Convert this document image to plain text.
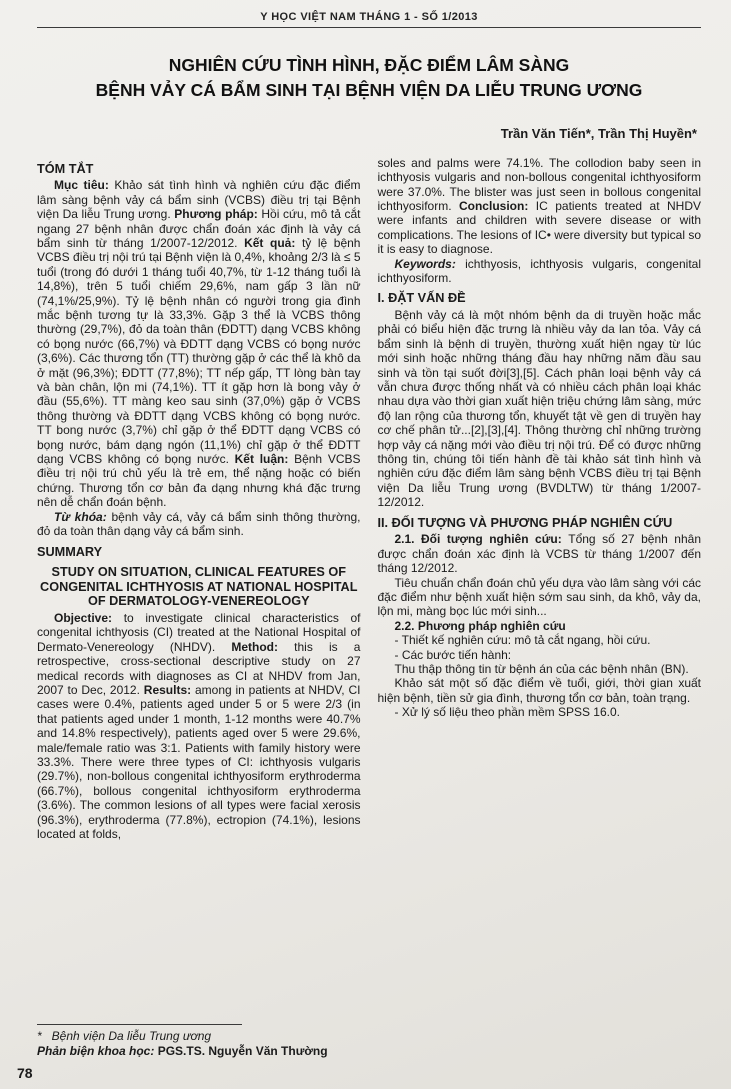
Y HỌC VIỆT NAM THÁNG 1 - SỐ 1/2013
NGHIÊN CỨU TÌNH HÌNH, ĐẶC ĐIỂM LÂM SÀNG
BỆNH VẢY CÁ BẨM SINH TẠI BỆNH VIỆN DA LIỄU TRUNG ƯƠNG
Trần Văn Tiến*, Trần Thị Huyền*
TÓM TẮT

Mục tiêu: Khảo sát tình hình và nghiên cứu đặc điểm lâm sàng bệnh vảy cá bẩm sinh (VCBS) điều trị tại Bệnh viện Da liễu Trung ương. Phương pháp: Hồi cứu, mô tả cắt ngang 27 bệnh nhân được chẩn đoán xác định là vảy cá bẩm sinh từ tháng 1/2007-12/2012. Kết quả: tỷ lệ bệnh VCBS điều trị nội trú tại Bệnh viện là 0,4%, khoảng 2/3 là ≤ 5 tuổi (trong đó dưới 1 tháng tuổi 40,7%, từ 1-12 tháng tuổi là 14,8%), trên 5 tuổi chiếm 29,6%, nam gấp 3 lần nữ (74,1%/25,9%). Tỷ lệ bệnh nhân có người trong gia đình mắc bệnh tương tự là 33,3%. Gặp 3 thể là VCBS thông thường (29,7%), đỏ da toàn thân (ĐDTT) dạng VCBS không có bọng nước (66,7%) và ĐDTT dạng VCBS có bọng nước (3,6%). Các thương tổn (TT) thường gặp ở các thể là khô da ở mặt (96,3%); ĐDTT (77,8%); TT nếp gấp, TT lòng bàn tay và bàn chân, lộn mi (74,1%). TT ít gặp hơn là bong vảy ở đầu (55,6%). TT màng keo sau sinh (37,0%) gặp ở VCBS thông thường và ĐDTT dạng VCBS không có bọng nước. TT bong nước (3,7%) chỉ gặp ở thể ĐDTT dạng VCBS có bọng nước, bám dạng ngón (11,1%) chỉ gặp ở thể ĐDTT dạng VCBS không có bọng nước. Kết luận: Bệnh VCBS điều trị nội trú chủ yếu là trẻ em, thể nặng hoặc có biến chứng. Thương tổn cơ bản đa dạng nhưng khá đặc trưng nên dễ chẩn đoán bệnh.

Từ khóa: bệnh vảy cá, vảy cá bẩm sinh thông thường, đỏ da toàn thân dạng vảy cá bẩm sinh.

SUMMARY
STUDY ON SITUATION, CLINICAL FEATURES OF CONGENITAL ICHTHYOSIS AT NATIONAL HOSPITAL OF DERMATOLOGY-VENEREOLOGY

Objective: to investigate clinical characteristics of congenital ichthyosis (CI) treated at the National Hospital of Dermato-Venereology (NHDV). Method: this is a retrospective, cross-sectional descriptive study on 27 medical records with diagnoses as CI at NHDV from Jan, 2007 to Dec, 2012. Results: among in patients at NHDV, CI cases were 0.4%, patients aged under 5 or 5 were 2/3 (in that patients aged under 1 month, 1-12 months were 40.7% and 14.8% respectively), patients aged over 5 were 29.6%, male/female ratio was 3:1. Patients with family history were 33.3%. There were three types of CI: ichthyosis vulgaris (29.7%), non-bollous congenital ichthyosiform erythroderma (66.7%), bollous congenital ichthyosiform erythroderma (3.6%). The common lesions of all types were facial xerosis (96.3%), erythroderma (77.8%), ectropion (74.1%), lesions located at folds,

soles and palms were 74.1%. The collodion baby seen in ichthyosis vulgaris and non-bollous congenital ichthyosiform were 37.0%. The blister was just seen in bollous congenital ichthyosiform. Conclusion: IC patients treated at NHDV were infants and children with severe disease or with complications. The lesions of IC• were diversity but typical so it is easy to diagnose.

Keywords: ichthyosis, ichthyosis vulgaris, congenital ichthyosiform.

I. ĐẶT VẤN ĐỀ

Bệnh vảy cá là một nhóm bệnh da di truyền hoặc mắc phải có biểu hiện đặc trưng là nhiều vảy da lan tỏa. Vảy cá bẩm sinh là bệnh di truyền, thường xuất hiện ngay từ lúc mới sinh hoặc những tháng đầu hay những năm đầu sau sinh và tồn tại suốt đời[3],[5]. Cách phân loại bệnh vảy cá vẫn chưa được thống nhất và có nhiều cách phân loại khác nhau dựa vào thời gian xuất hiện triệu chứng lâm sàng, mức độ lan rộng của thương tổn, khuyết tật về gen di truyền hay cơ chế phân tử...[2],[3],[4]. Thông thường chỉ những trường hợp vảy cá nặng mới vào điều trị nội trú. Để có được những thông tin, chúng tôi tiến hành đề tài khảo sát tình hình và nghiên cứu đặc điểm lâm sàng bệnh VCBS điều trị tại Bệnh viện Da liễu Trung ương (BVDLTW) từ tháng 1/2007-12/2012.

II. ĐỐI TƯỢNG VÀ PHƯƠNG PHÁP NGHIÊN CỨU

2.1. Đối tượng nghiên cứu: Tổng số 27 bệnh nhân được chẩn đoán xác định là VCBS từ tháng 1/2007 đến tháng 12/2012.

Tiêu chuẩn chẩn đoán chủ yếu dựa vào lâm sàng với các đặc điểm như bệnh xuất hiện sớm sau sinh, da khô, vảy da, lộn mi, màng bọc lúc mới sinh...

2.2. Phương pháp nghiên cứu

- Thiết kế nghiên cứu: mô tả cắt ngang, hồi cứu.

- Các bước tiến hành:

Thu thập thông tin từ bệnh án của các bệnh nhân (BN).

Khảo sát một số đặc điểm về tuổi, giới, thời gian xuất hiện bệnh, tiền sử gia đình, thương tổn cơ bản, toàn trạng.

- Xử lý số liệu theo phần mềm SPSS 16.0.

*   Bệnh viện Da liễu Trung ương
Phản biện khoa học: PGS.TS. Nguyễn Văn Thường
78
